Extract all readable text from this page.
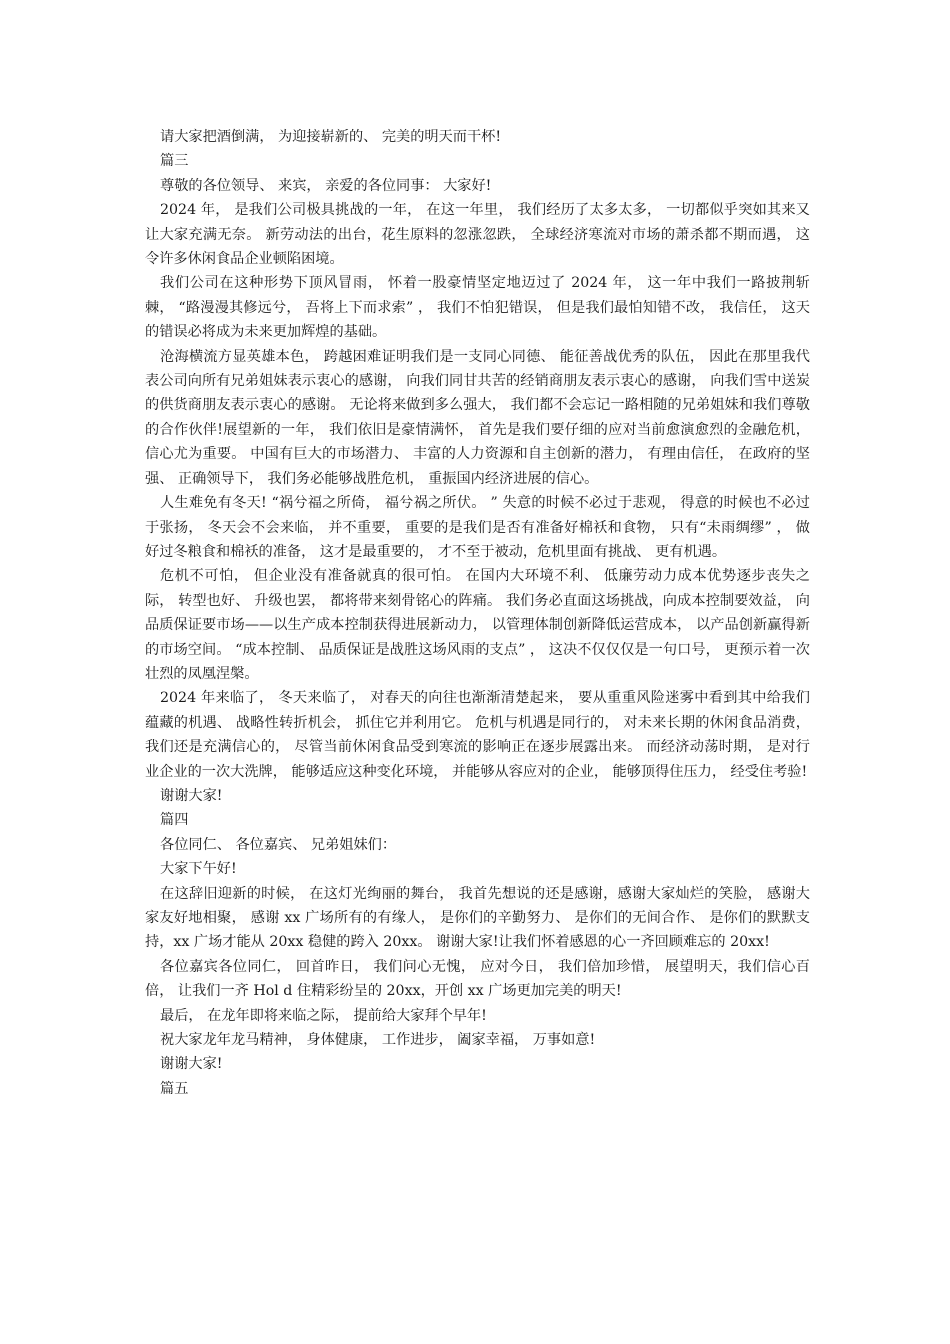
请大家把酒倒满， 为迎接崭新的、 完美的明天而干杯!

篇三

尊敬的各位领导、 来宾， 亲爱的各位同事： 大家好!

2024 年， 是我们公司极具挑战的一年， 在这一年里， 我们经历了太多太多， 一切都似乎突如其来又让大家充满无奈。 新劳动法的出台，花生原料的忽涨忽跌， 全球经济寒流对市场的萧杀都不期而遇， 这令许多休闲食品企业顿陷困境。

我们公司在这种形势下顶风冒雨， 怀着一股豪情坚定地迈过了 2024 年， 这一年中我们一路披荆斩棘， “路漫漫其修远兮， 吾将上下而求索” ， 我们不怕犯错误， 但是我们最怕知错不改， 我信任， 这天的错误必将成为未来更加辉煌的基础。

沧海横流方显英雄本色， 跨越困难证明我们是一支同心同德、 能征善战优秀的队伍， 因此在那里我代表公司向所有兄弟姐妹表示衷心的感谢， 向我们同甘共苦的经销商朋友表示衷心的感谢， 向我们雪中送炭的供货商朋友表示衷心的感谢。 无论将来做到多么强大， 我们都不会忘记一路相随的兄弟姐妹和我们尊敬的合作伙伴!展望新的一年， 我们依旧是豪情满怀， 首先是我们要仔细的应对当前愈演愈烈的金融危机， 信心尤为重要。 中国有巨大的市场潜力、 丰富的人力资源和自主创新的潜力， 有理由信任， 在政府的坚强、 正确领导下， 我们务必能够战胜危机， 重振国内经济进展的信心。

人生难免有冬天! “祸兮福之所倚， 福兮祸之所伏。 ” 失意的时候不必过于悲观， 得意的时候也不必过于张扬， 冬天会不会来临， 并不重要， 重要的是我们是否有准备好棉袄和食物， 只有“未雨绸缪” ， 做好过冬粮食和棉袄的准备， 这才是最重要的， 才不至于被动，危机里面有挑战、 更有机遇。

危机不可怕， 但企业没有准备就真的很可怕。 在国内大环境不利、 低廉劳动力成本优势逐步丧失之际， 转型也好、 升级也罢， 都将带来刻骨铭心的阵痛。 我们务必直面这场挑战，向成本控制要效益， 向品质保证要市场——以生产成本控制获得进展新动力， 以管理体制创新降低运营成本， 以产品创新赢得新的市场空间。 “成本控制、 品质保证是战胜这场风雨的支点” ， 这决不仅仅仅是一句口号， 更预示着一次壮烈的凤凰涅槃。

2024 年来临了， 冬天来临了， 对春天的向往也渐渐清楚起来， 要从重重风险迷雾中看到其中给我们蕴藏的机遇、 战略性转折机会， 抓住它并利用它。 危机与机遇是同行的， 对未来长期的休闲食品消费， 我们还是充满信心的， 尽管当前休闲食品受到寒流的影响正在逐步展露出来。 而经济动荡时期， 是对行业企业的一次大洗牌， 能够适应这种变化环境， 并能够从容应对的企业， 能够顶得住压力， 经受住考验!

谢谢大家!

篇四

各位同仁、 各位嘉宾、 兄弟姐妹们：

大家下午好!

在这辞旧迎新的时候， 在这灯光绚丽的舞台， 我首先想说的还是感谢，感谢大家灿烂的笑脸， 感谢大家友好地相聚， 感谢 xx 广场所有的有缘人， 是你们的辛勤努力、 是你们的无间合作、 是你们的默默支持，xx 广场才能从 20xx 稳健的跨入 20xx。 谢谢大家!让我们怀着感恩的心一齐回顾难忘的 20xx!

各位嘉宾各位同仁， 回首昨日， 我们问心无愧， 应对今日， 我们倍加珍惜， 展望明天，我们信心百倍， 让我们一齐 Hol d 住精彩纷呈的 20xx，开创 xx 广场更加完美的明天!

最后， 在龙年即将来临之际， 提前给大家拜个早年!

祝大家龙年龙马精神， 身体健康， 工作进步， 阖家幸福， 万事如意!

谢谢大家!

篇五
